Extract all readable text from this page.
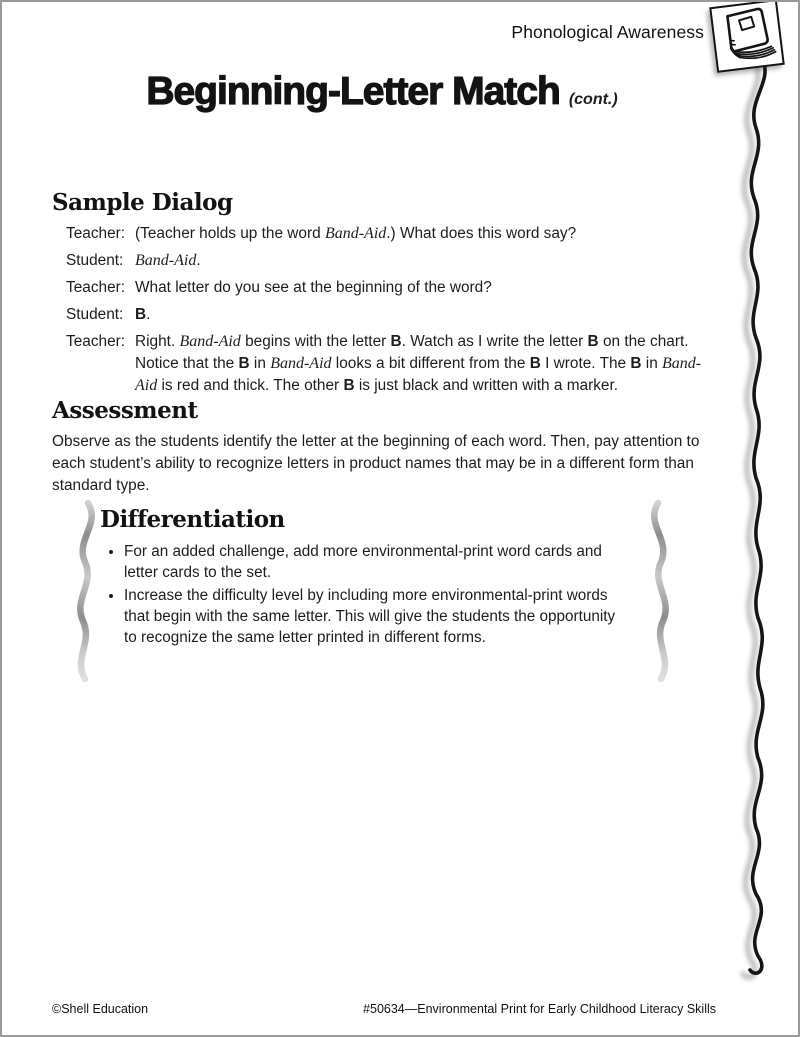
Phonological Awareness
Beginning-Letter Match (cont.)
Sample Dialog
Teacher: (Teacher holds up the word Band-Aid.) What does this word say?
Student: Band-Aid.
Teacher: What letter do you see at the beginning of the word?
Student: B.
Teacher: Right. Band-Aid begins with the letter B. Watch as I write the letter B on the chart. Notice that the B in Band-Aid looks a bit different from the B I wrote. The B in Band-Aid is red and thick. The other B is just black and written with a marker.
Assessment

Observe as the students identify the letter at the beginning of each word. Then, pay attention to each student’s ability to recognize letters in product names that may be in a different form than standard type.

Differentiation
• For an added challenge, add more environmental-print word cards and letter cards to the set.
• Increase the difficulty level by including more environmental-print words that begin with the same letter. This will give the students the opportunity to recognize the same letter printed in different forms.
©Shell Education	#50634—Environmental Print for Early Childhood Literacy Skills
